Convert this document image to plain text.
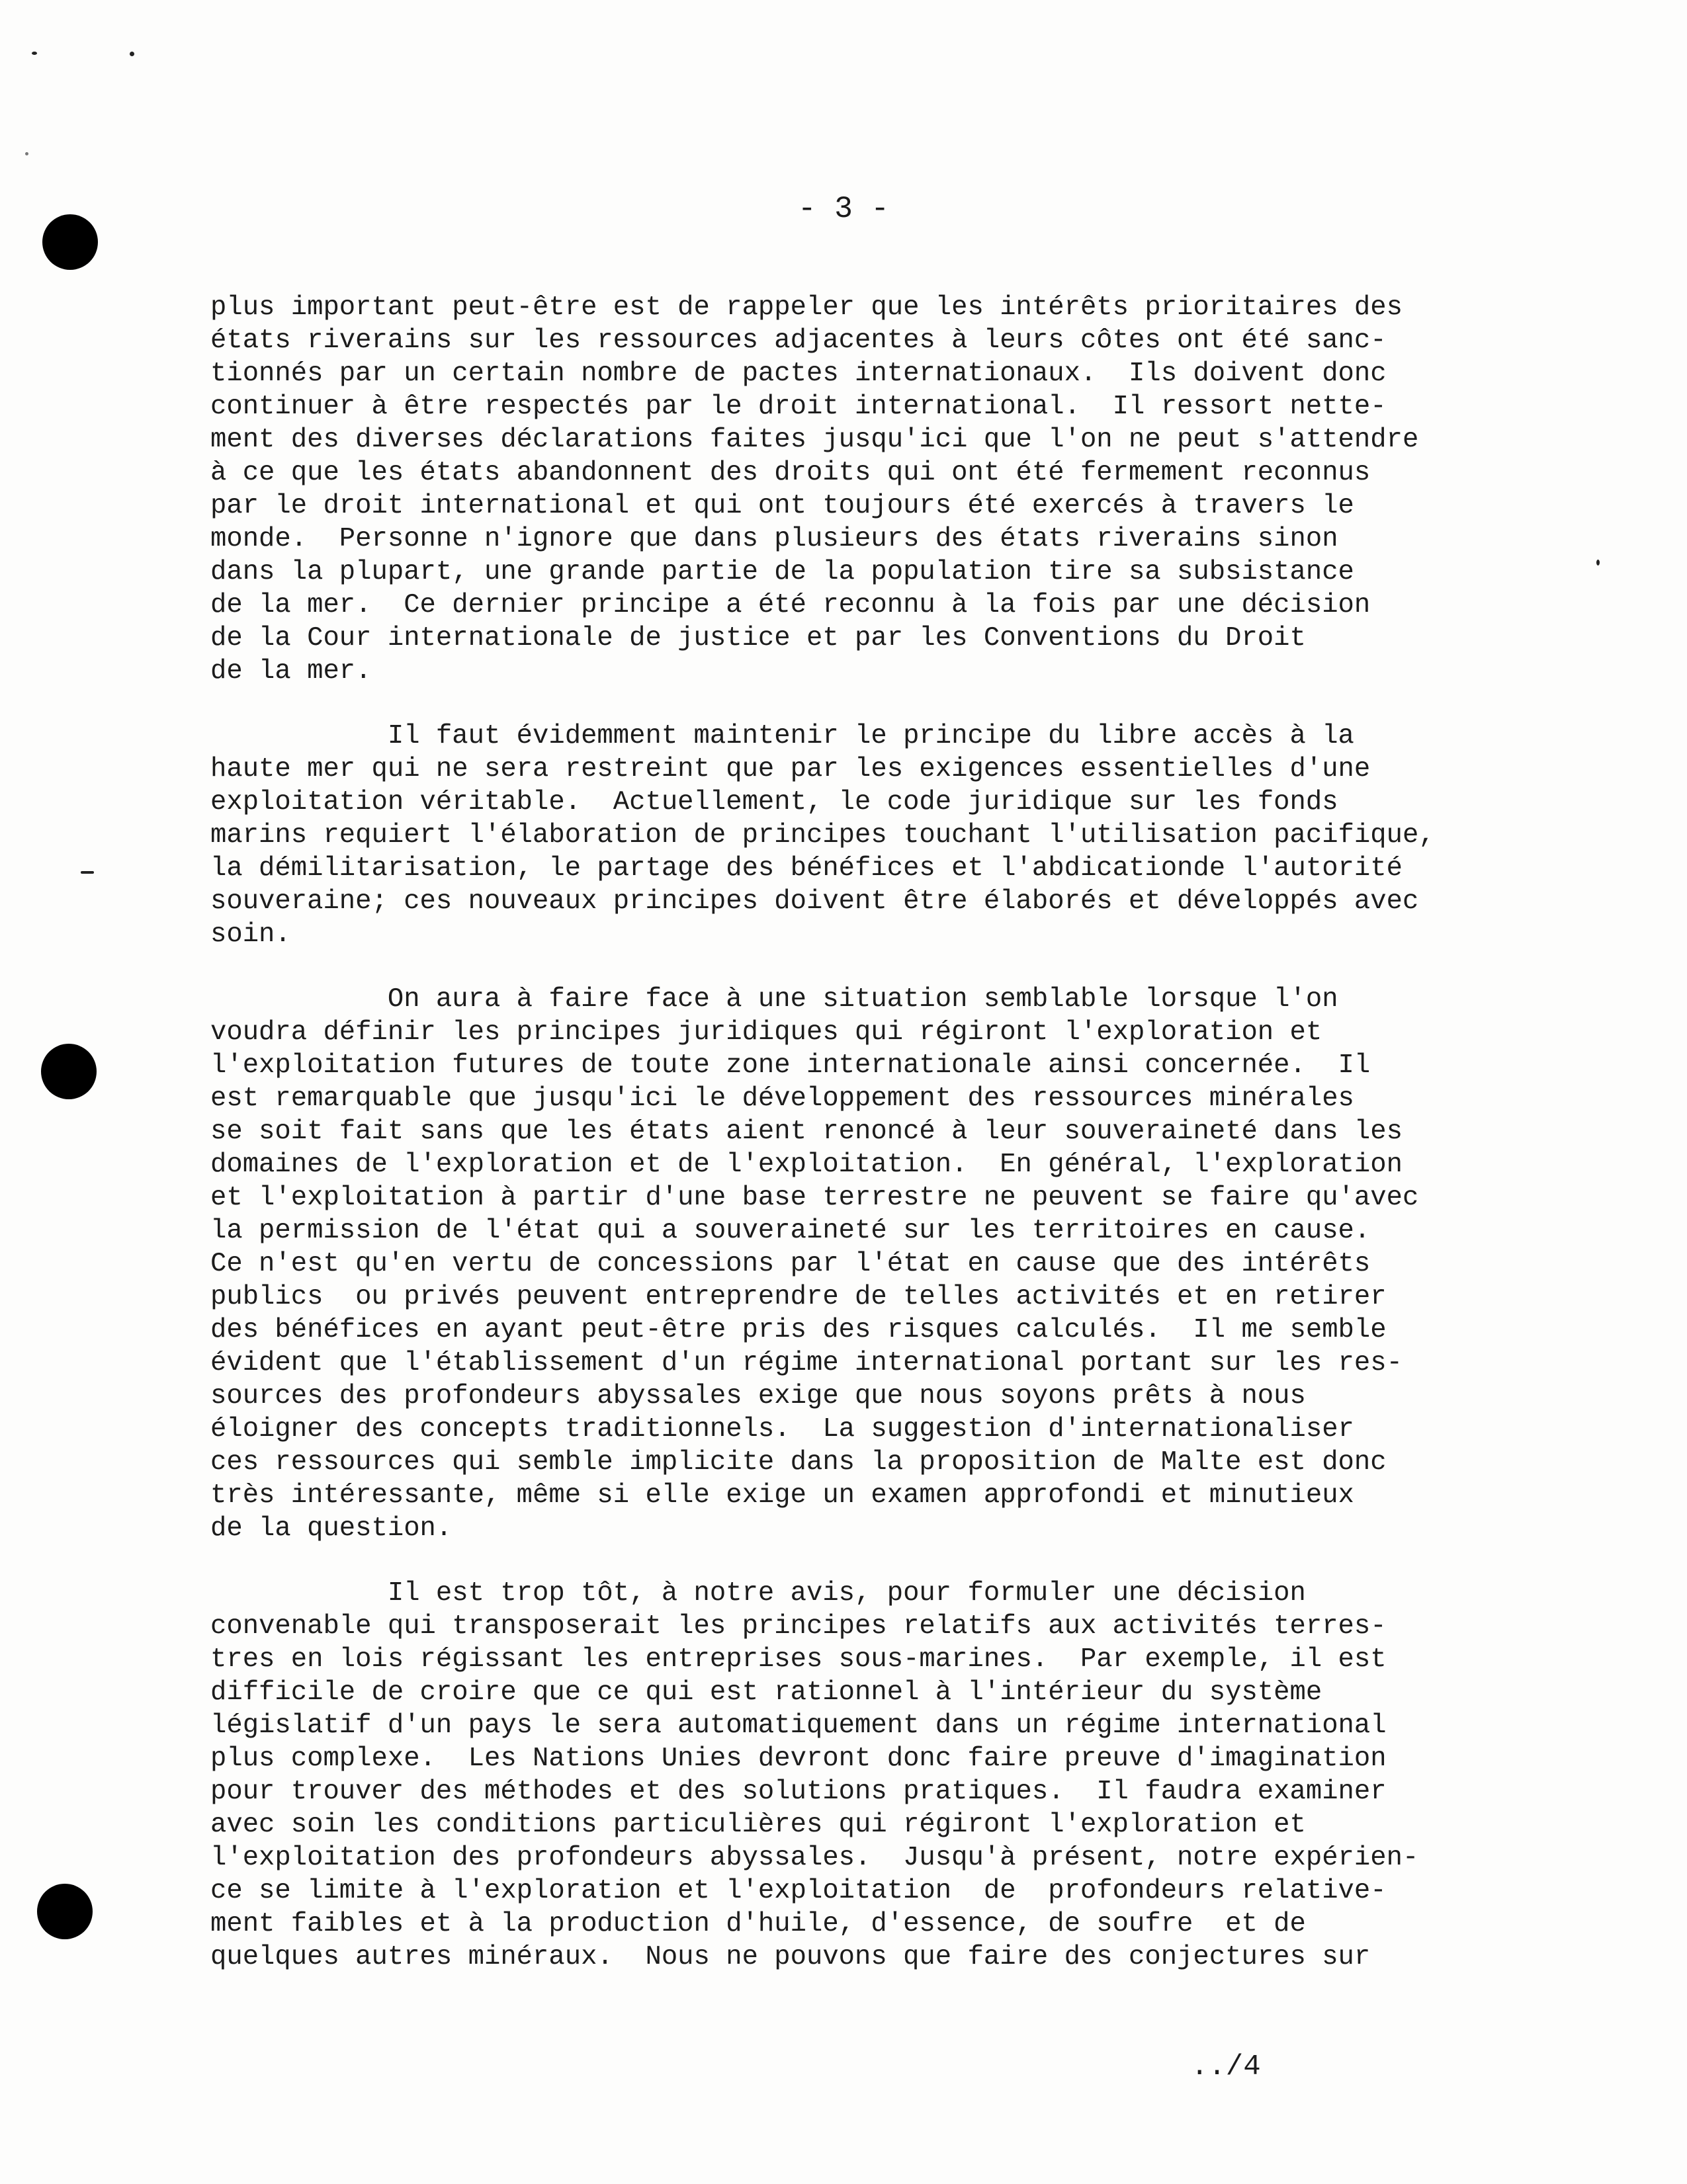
- 3 -
plus important peut-être est de rappeler que les intérêts prioritaires des
états riverains sur les ressources adjacentes à leurs côtes ont été sanc-
tionnés par un certain nombre de pactes internationaux.  Ils doivent donc
continuer à être respectés par le droit international.  Il ressort nette-
ment des diverses déclarations faites jusqu'ici que l'on ne peut s'attendre
à ce que les états abandonnent des droits qui ont été fermement reconnus
par le droit international et qui ont toujours été exercés à travers le
monde.  Personne n'ignore que dans plusieurs des états riverains sinon
dans la plupart, une grande partie de la population tire sa subsistance
de la mer.  Ce dernier principe a été reconnu à la fois par une décision
de la Cour internationale de justice et par les Conventions du Droit
de la mer.
Il faut évidemment maintenir le principe du libre accès à la
haute mer qui ne sera restreint que par les exigences essentielles d'une
exploitation véritable.  Actuellement, le code juridique sur les fonds
marins requiert l'élaboration de principes touchant l'utilisation pacifique,
la démilitarisation, le partage des bénéfices et l'abdicationde l'autorité
souveraine; ces nouveaux principes doivent être élaborés et développés avec
soin.
On aura à faire face à une situation semblable lorsque l'on
voudra définir les principes juridiques qui régiront l'exploration et
l'exploitation futures de toute zone internationale ainsi concernée.  Il
est remarquable que jusqu'ici le développement des ressources minérales
se soit fait sans que les états aient renoncé à leur souveraineté dans les
domaines de l'exploration et de l'exploitation.  En général, l'exploration
et l'exploitation à partir d'une base terrestre ne peuvent se faire qu'avec
la permission de l'état qui a souveraineté sur les territoires en cause.
Ce n'est qu'en vertu de concessions par l'état en cause que des intérêts
publics  ou privés peuvent entreprendre de telles activités et en retirer
des bénéfices en ayant peut-être pris des risques calculés.  Il me semble
évident que l'établissement d'un régime international portant sur les res-
sources des profondeurs abyssales exige que nous soyons prêts à nous
éloigner des concepts traditionnels.  La suggestion d'internationaliser
ces ressources qui semble implicite dans la proposition de Malte est donc
très intéressante, même si elle exige un examen approfondi et minutieux
de la question.
Il est trop tôt, à notre avis, pour formuler une décision
convenable qui transposerait les principes relatifs aux activités terres-
tres en lois régissant les entreprises sous-marines.  Par exemple, il est
difficile de croire que ce qui est rationnel à l'intérieur du système
législatif d'un pays le sera automatiquement dans un régime international
plus complexe.  Les Nations Unies devront donc faire preuve d'imagination
pour trouver des méthodes et des solutions pratiques.  Il faudra examiner
avec soin les conditions particulières qui régiront l'exploration et
l'exploitation des profondeurs abyssales.  Jusqu'à présent, notre expérien-
ce se limite à l'exploration et l'exploitation  de  profondeurs relative-
ment faibles et à la production d'huile, d'essence, de soufre  et de
quelques autres minéraux.  Nous ne pouvons que faire des conjectures sur
../4
